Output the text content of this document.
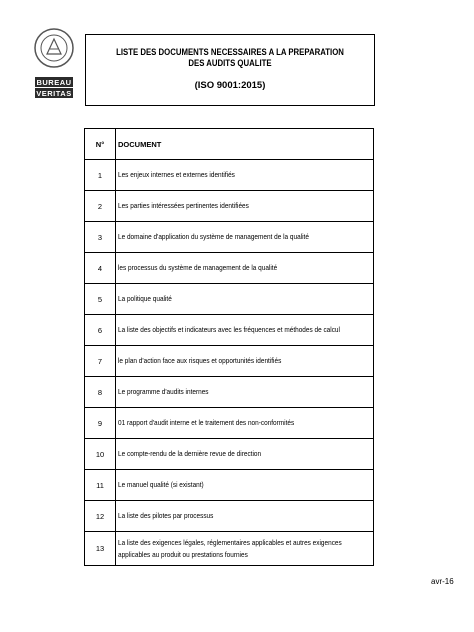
BUREAU
VERITAS
LISTE DES DOCUMENTS NECESSAIRES A LA PREPARATION DES AUDITS QUALITE
(ISO 9001:2015)
N°	DOCUMENT
1	Les enjeux internes et externes identifiés
2	Les parties intéressées pertinentes identifiées
3	Le domaine d'application du système de management de la qualité
4	les processus du système de management de la qualité
5	La politique qualité
6	La liste des objectifs et indicateurs avec les fréquences et méthodes de calcul
7	le plan d'action face aux risques et opportunités identifiés
8	Le programme d'audits internes
9	01 rapport d'audit interne et le traitement des non-conformités
10	Le compte-rendu de la dernière revue de direction
11	Le manuel qualité (si existant)
12	La liste des pilotes par processus
13	La liste des exigences légales, réglementaires applicables et autres exigences applicables au produit ou prestations fournies
avr-16
